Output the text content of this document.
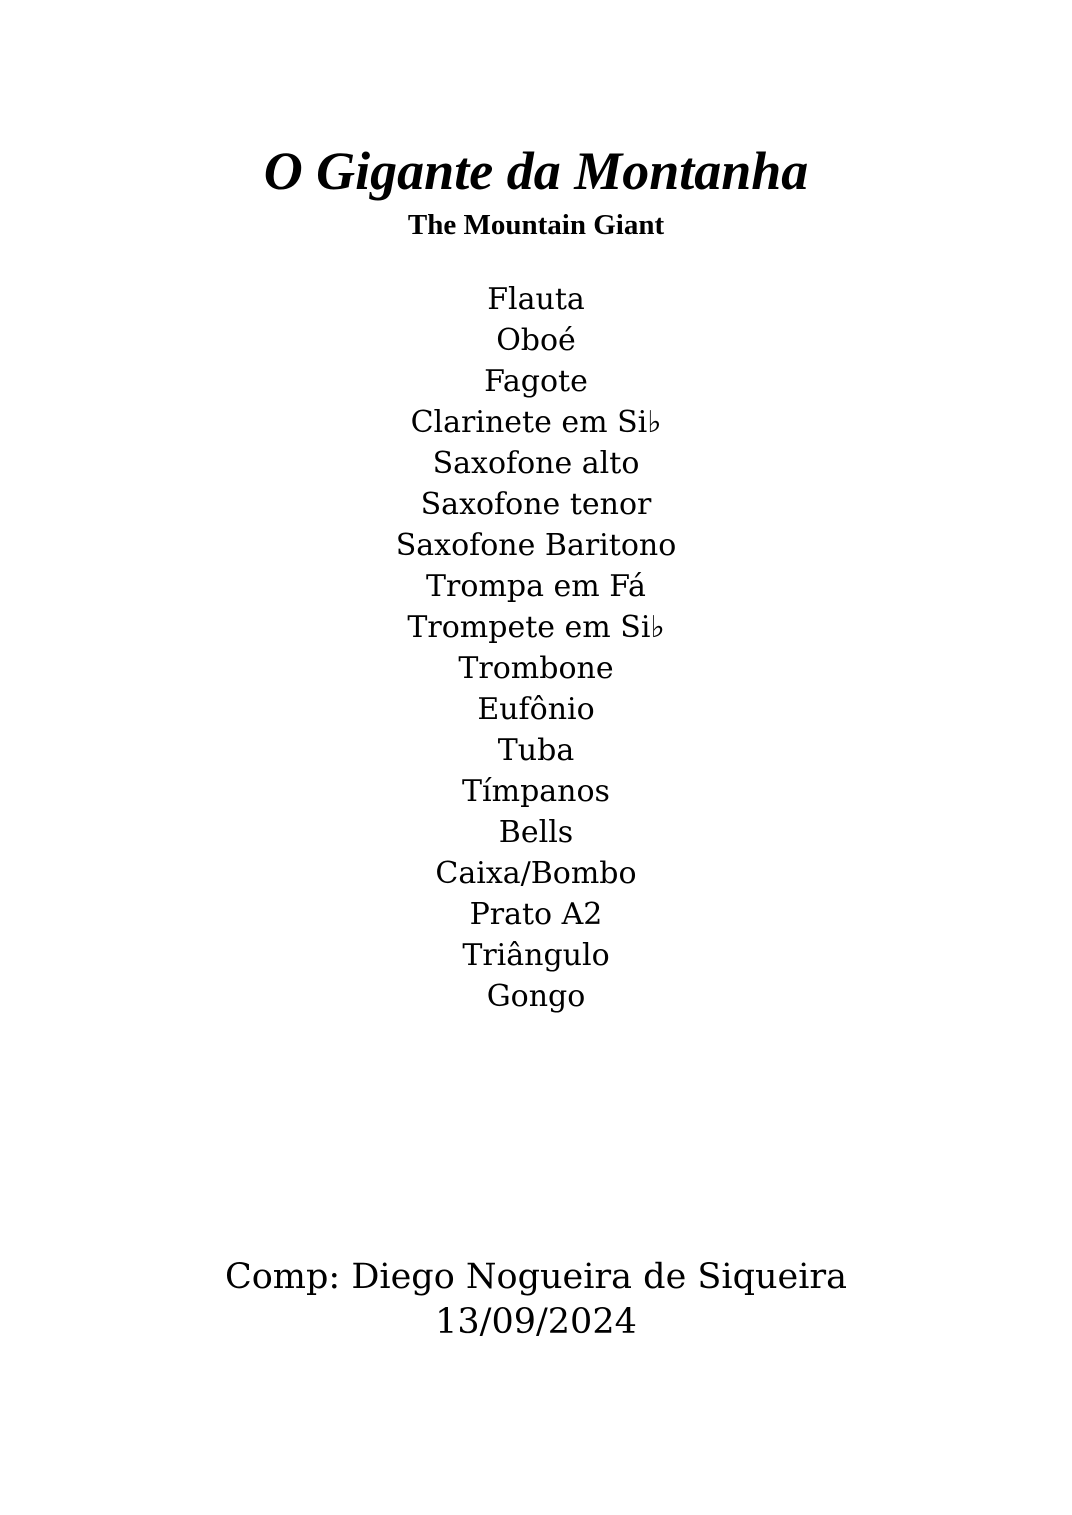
O Gigante da Montanha
The Mountain Giant
Flauta
Oboé
Fagote
Clarinete em Si♭
Saxofone alto
Saxofone tenor
Saxofone Baritono
Trompa em Fá
Trompete em Si♭
Trombone
Eufônio
Tuba
Tímpanos
Bells
Caixa/Bombo
Prato A2
Triângulo
Gongo
Comp: Diego Nogueira de Siqueira
13/09/2024
